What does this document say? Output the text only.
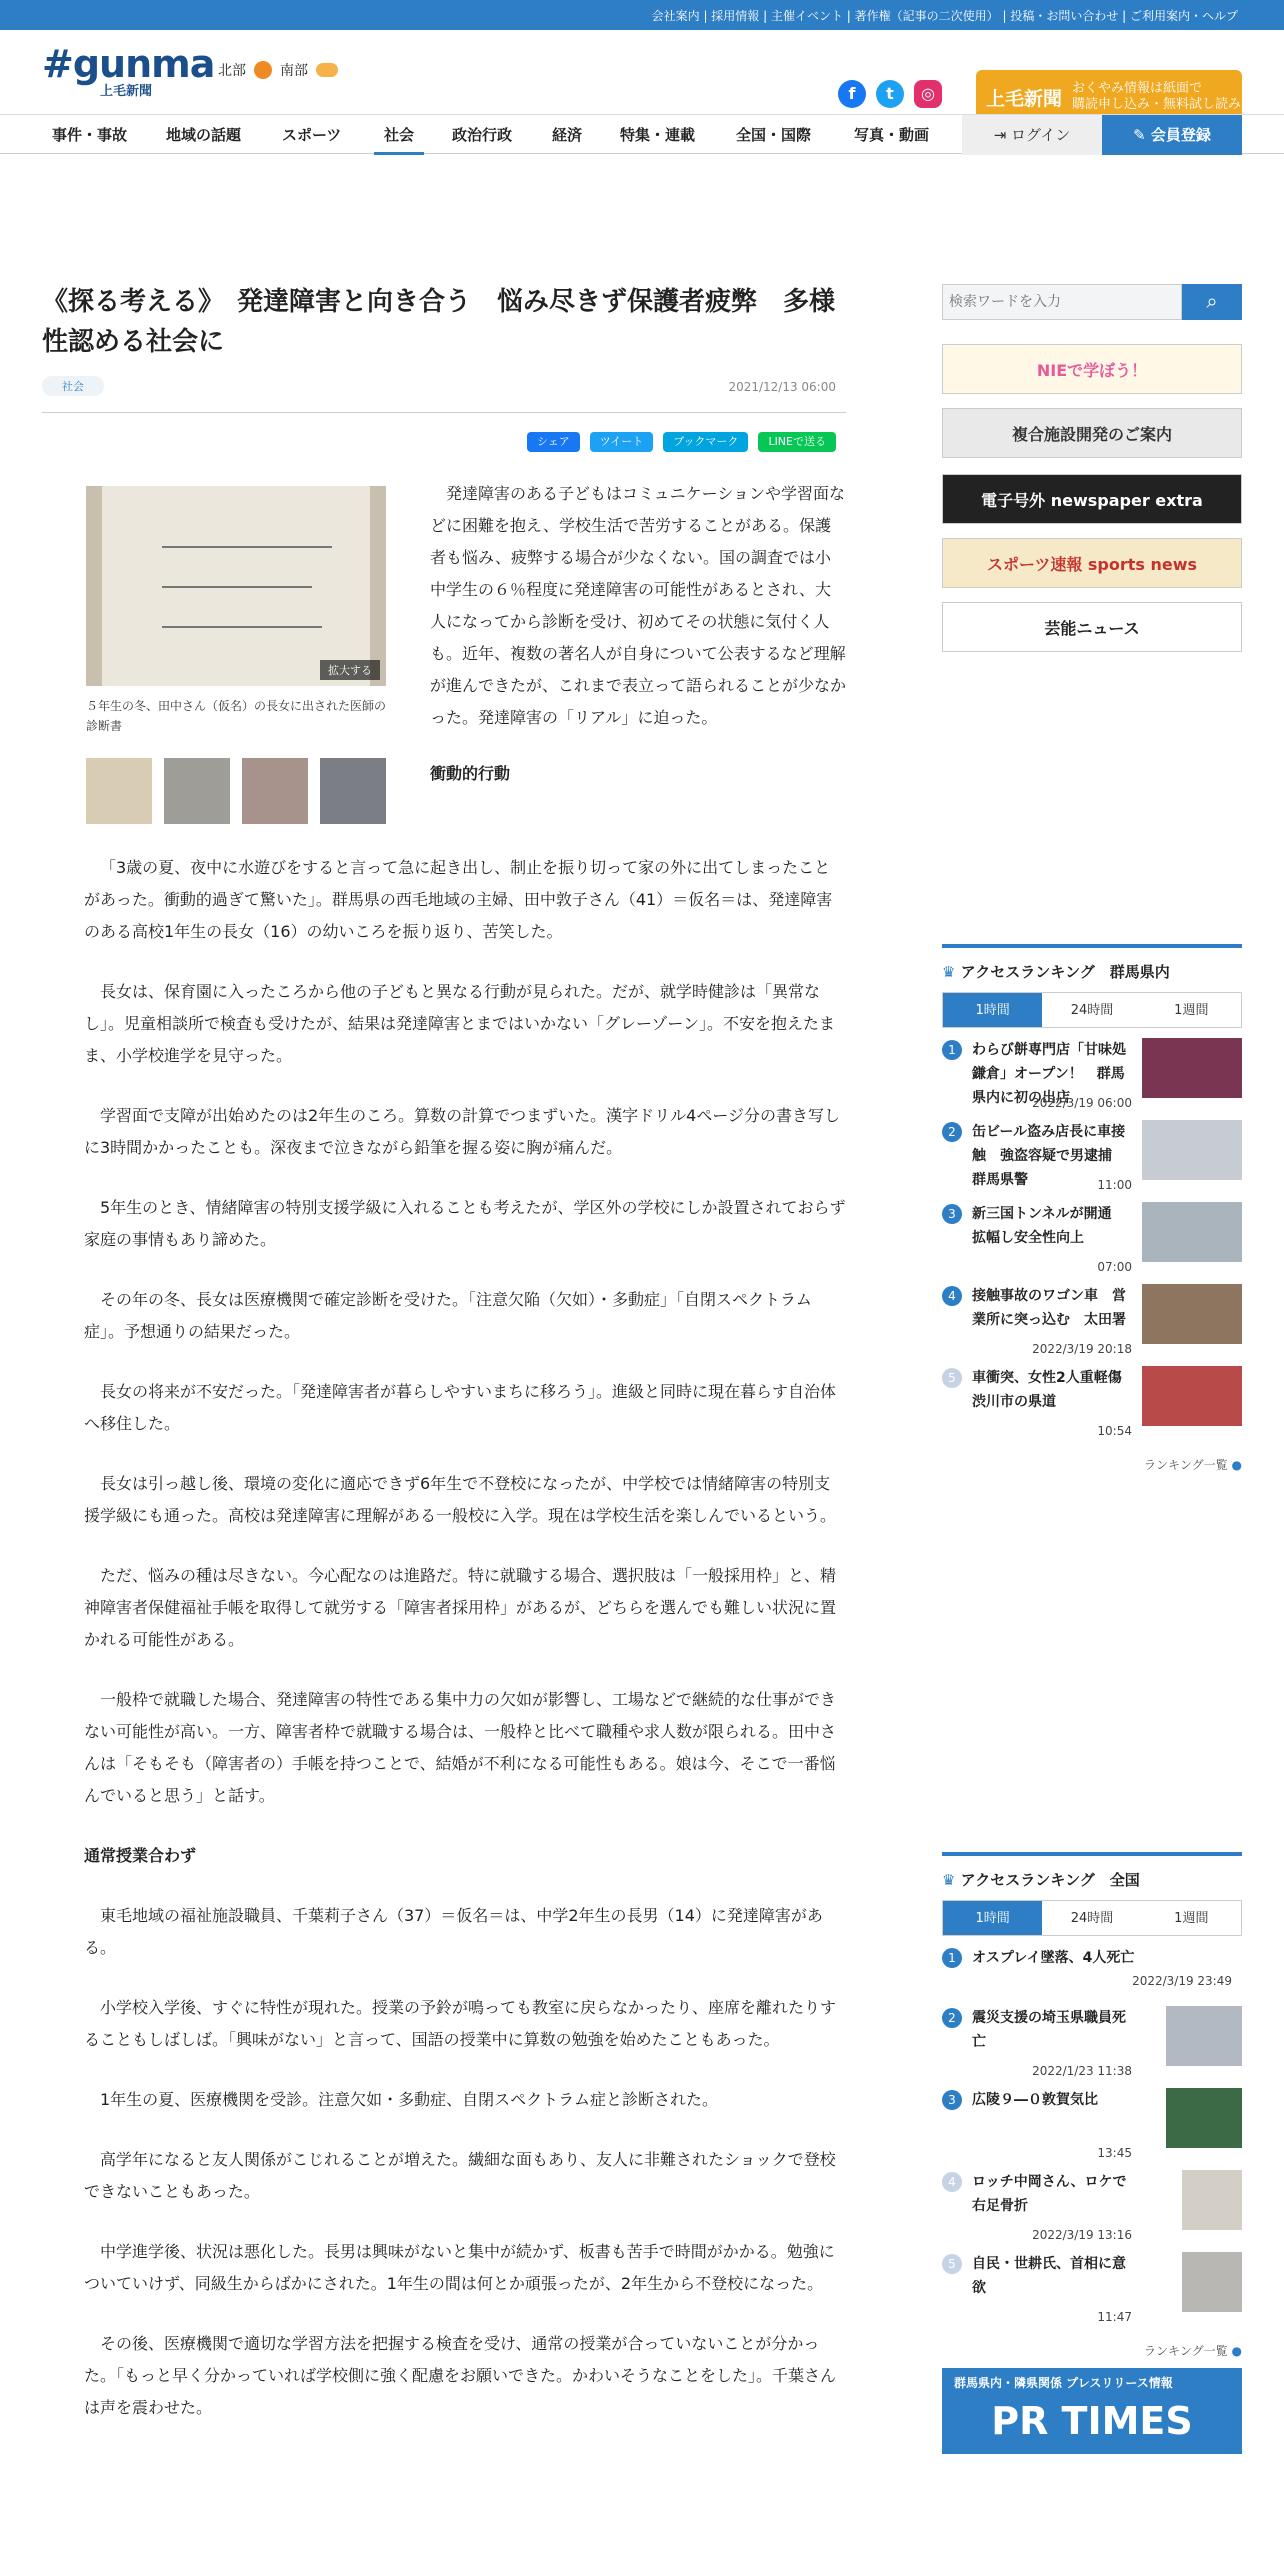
会社案内 | 採用情報 | 主催イベント | 著作権（記事の二次使用） | 投稿・お問い合わせ | ご利用案内・ヘルプ
#gunma
上毛新聞
北部 南部
f	t	◎	上毛新聞 おくやみ情報は紙面で
購読申し込み・無料試し読み
事件・事故	地域の話題	スポーツ	社会	政治行政	経済	特集・連載	全国・国際	写真・動画	⇥ ログイン	✎ 会員登録
《探る考える》　発達障害と向き合う　悩み尽きず保護者疲弊　多様性認める社会に
社会	2021/12/13 06:00
シェア	ツイート	ブックマーク	LINEで送る
拡大する
５年生の冬、田中さん（仮名）の長女に出された医師の診断書

発達障害のある子どもはコミュニケーションや学習面などに困難を抱え、学校生活で苦労することがある。保護者も悩み、疲弊する場合が少なくない。国の調査では小中学生の６％程度に発達障害の可能性があるとされ、大人になってから診断を受け、初めてその状態に気付く人も。近年、複数の著名人が自身について公表するなど理解が進んできたが、これまで表立って語られることが少なかった。発達障害の「リアル」に迫った。

衝動的行動

「3歳の夏、夜中に水遊びをすると言って急に起き出し、制止を振り切って家の外に出てしまったことがあった。衝動的過ぎて驚いた」。群馬県の西毛地域の主婦、田中敦子さん（41）＝仮名＝は、発達障害のある高校1年生の長女（16）の幼いころを振り返り、苦笑した。

長女は、保育園に入ったころから他の子どもと異なる行動が見られた。だが、就学時健診は「異常なし」。児童相談所で検査も受けたが、結果は発達障害とまではいかない「グレーゾーン」。不安を抱えたまま、小学校進学を見守った。

学習面で支障が出始めたのは2年生のころ。算数の計算でつまずいた。漢字ドリル4ページ分の書き写しに3時間かかったことも。深夜まで泣きながら鉛筆を握る姿に胸が痛んだ。

5年生のとき、情緒障害の特別支援学級に入れることも考えたが、学区外の学校にしか設置されておらず家庭の事情もあり諦めた。

その年の冬、長女は医療機関で確定診断を受けた。「注意欠陥（欠如）・多動症」「自閉スペクトラム症」。予想通りの結果だった。

長女の将来が不安だった。「発達障害者が暮らしやすいまちに移ろう」。進級と同時に現在暮らす自治体へ移住した。

長女は引っ越し後、環境の変化に適応できず6年生で不登校になったが、中学校では情緒障害の特別支援学級にも通った。高校は発達障害に理解がある一般校に入学。現在は学校生活を楽しんでいるという。

ただ、悩みの種は尽きない。今心配なのは進路だ。特に就職する場合、選択肢は「一般採用枠」と、精神障害者保健福祉手帳を取得して就労する「障害者採用枠」があるが、どちらを選んでも難しい状況に置かれる可能性がある。

一般枠で就職した場合、発達障害の特性である集中力の欠如が影響し、工場などで継続的な仕事ができない可能性が高い。一方、障害者枠で就職する場合は、一般枠と比べて職種や求人数が限られる。田中さんは「そもそも（障害者の）手帳を持つことで、結婚が不利になる可能性もある。娘は今、そこで一番悩んでいると思う」と話す。

通常授業合わず

東毛地域の福祉施設職員、千葉莉子さん（37）＝仮名＝は、中学2年生の長男（14）に発達障害がある。

小学校入学後、すぐに特性が現れた。授業の予鈴が鳴っても教室に戻らなかったり、座席を離れたりすることもしばしば。「興味がない」と言って、国語の授業中に算数の勉強を始めたこともあった。

1年生の夏、医療機関を受診。注意欠如・多動症、自閉スペクトラム症と診断された。

高学年になると友人関係がこじれることが増えた。繊細な面もあり、友人に非難されたショックで登校できないこともあった。

中学進学後、状況は悪化した。長男は興味がないと集中が続かず、板書も苦手で時間がかかる。勉強についていけず、同級生からばかにされた。1年生の間は何とか頑張ったが、2年生から不登校になった。

その後、医療機関で適切な学習方法を把握する検査を受け、通常の授業が合っていないことが分かった。「もっと早く分かっていれば学校側に強く配慮をお願いできた。かわいそうなことをした」。千葉さんは声を震わせた。

検索ワードを入力
⌕
NIEで学ぼう！
複合施設開発のご案内
電子号外 newspaper extra
スポーツ速報 sports news
芸能ニュース
♛ アクセスランキング　群馬県内
1時間	24時間	1週間
1	わらび餅専門店「甘味処鎌倉」オープン！　群馬県内に初の出店
2022/3/19 06:00
2	缶ビール盗み店長に車接触　強盗容疑で男逮捕　群馬県警	11:00
3	新三国トンネルが開通　拡幅し安全性向上
07:00
4	接触事故のワゴン車　営業所に突っ込む　太田署
2022/3/19 20:18
5	車衝突、女性2人重軽傷　渋川市の県道
10:54
ランキング一覧 ●
♛ アクセスランキング　全国
1時間	24時間	1週間
1	オスプレイ墜落、4人死亡
2022/3/19 23:49
2	震災支援の埼玉県職員死亡
2022/1/23 11:38
3	広陵９―０敦賀気比
13:45
4	ロッチ中岡さん、ロケで右足骨折
2022/3/19 13:16
5	自民・世耕氏、首相に意欲
11:47
ランキング一覧 ●
群馬県内・隣県関係 プレスリリース情報
PR TIMES
